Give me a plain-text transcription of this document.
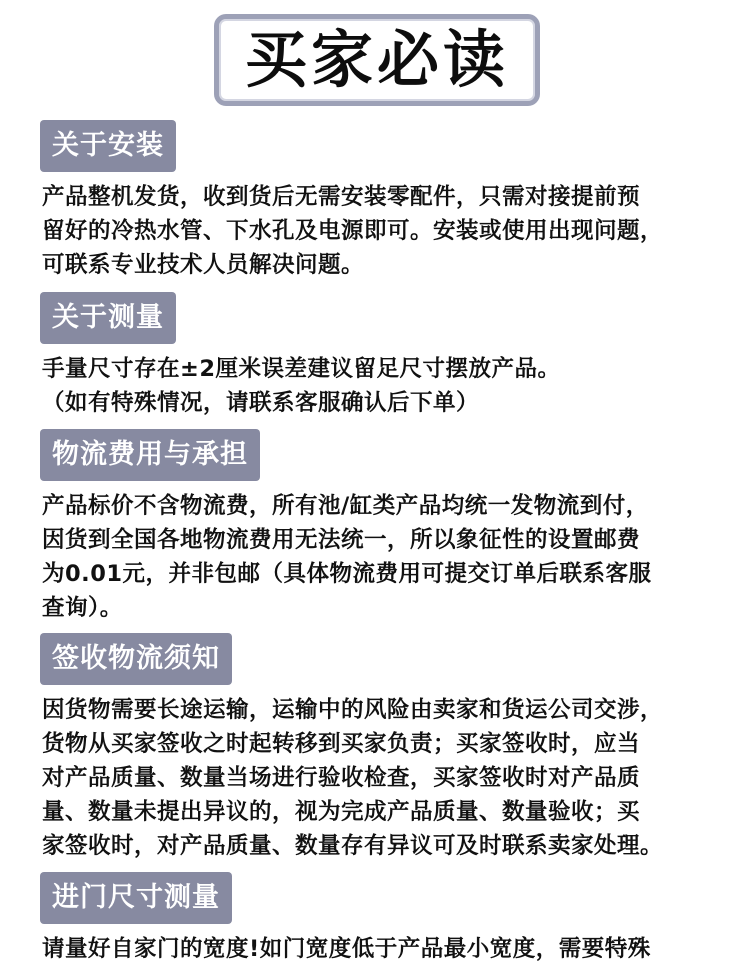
买家必读
关于安装
产品整机发货，收到货后无需安装零配件，只需对接提前预
留好的冷热水管、下水孔及电源即可。安装或使用出现问题，
可联系专业技术人员解决问题。
关于测量
手量尺寸存在±2厘米误差建议留足尺寸摆放产品。
（如有特殊情况，请联系客服确认后下单）
物流费用与承担
产品标价不含物流费，所有池/缸类产品均统一发物流到付，
因货到全国各地物流费用无法统一，所以象征性的设置邮费
为0.01元，并非包邮（具体物流费用可提交订单后联系客服
查询）。
签收物流须知
因货物需要长途运输，运输中的风险由卖家和货运公司交涉，
货物从买家签收之时起转移到买家负责；买家签收时，应当
对产品质量、数量当场进行验收检查，买家签收时对产品质
量、数量未提出异议的，视为完成产品质量、数量验收；买
家签收时，对产品质量、数量存有异议可及时联系卖家处理。
进门尺寸测量
请量好自家门的宽度!如门宽度低于产品最小宽度，需要特殊
